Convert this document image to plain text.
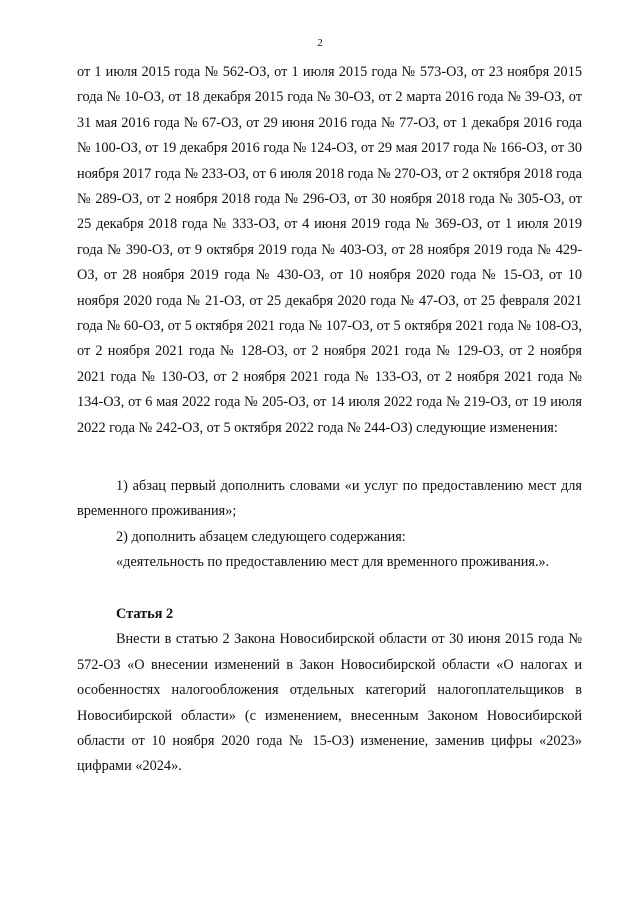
2

от 1 июля 2015 года № 562-ОЗ, от 1 июля 2015 года № 573-ОЗ, от 23 ноября 2015 года № 10-ОЗ, от 18 декабря 2015 года № 30-ОЗ, от 2 марта 2016 года № 39-ОЗ, от 31 мая 2016 года № 67-ОЗ, от 29 июня 2016 года № 77-ОЗ, от 1 декабря 2016 года № 100-ОЗ, от 19 декабря 2016 года № 124-ОЗ, от 29 мая 2017 года № 166-ОЗ, от 30 ноября 2017 года № 233-ОЗ, от 6 июля 2018 года № 270-ОЗ, от 2 октября 2018 года № 289-ОЗ, от 2 ноября 2018 года № 296-ОЗ, от 30 ноября 2018 года № 305-ОЗ, от 25 декабря 2018 года № 333-ОЗ, от 4 июня 2019 года № 369-ОЗ, от 1 июля 2019 года № 390-ОЗ, от 9 октября 2019 года № 403-ОЗ, от 28 ноября 2019 года № 429-ОЗ, от 28 ноября 2019 года № 430-ОЗ, от 10 ноября 2020 года № 15-ОЗ, от 10 ноября 2020 года № 21-ОЗ, от 25 декабря 2020 года № 47-ОЗ, от 25 февраля 2021 года № 60-ОЗ, от 5 октября 2021 года № 107-ОЗ, от 5 октября 2021 года № 108-ОЗ, от 2 ноября 2021 года № 128-ОЗ, от 2 ноября 2021 года № 129-ОЗ, от 2 ноября 2021 года № 130-ОЗ, от 2 ноября 2021 года № 133-ОЗ, от 2 ноября 2021 года № 134-ОЗ, от 6 мая 2022 года № 205-ОЗ, от 14 июля 2022 года № 219-ОЗ, от 19 июля 2022 года № 242-ОЗ, от 5 октября 2022 года № 244-ОЗ) следующие изменения:

1) абзац первый дополнить словами «и услуг по предоставлению мест для временного проживания»;

2) дополнить абзацем следующего содержания:

«деятельность по предоставлению мест для временного проживания.».

Статья 2

Внести в статью 2 Закона Новосибирской области от 30 июня 2015 года № 572-ОЗ «О внесении изменений в Закон Новосибирской области «О налогах и особенностях налогообложения отдельных категорий налогоплательщиков в Новосибирской области» (с изменением, внесенным Законом Новосибирской области от 10 ноября 2020 года № 15-ОЗ) изменение, заменив цифры «2023» цифрами «2024».
